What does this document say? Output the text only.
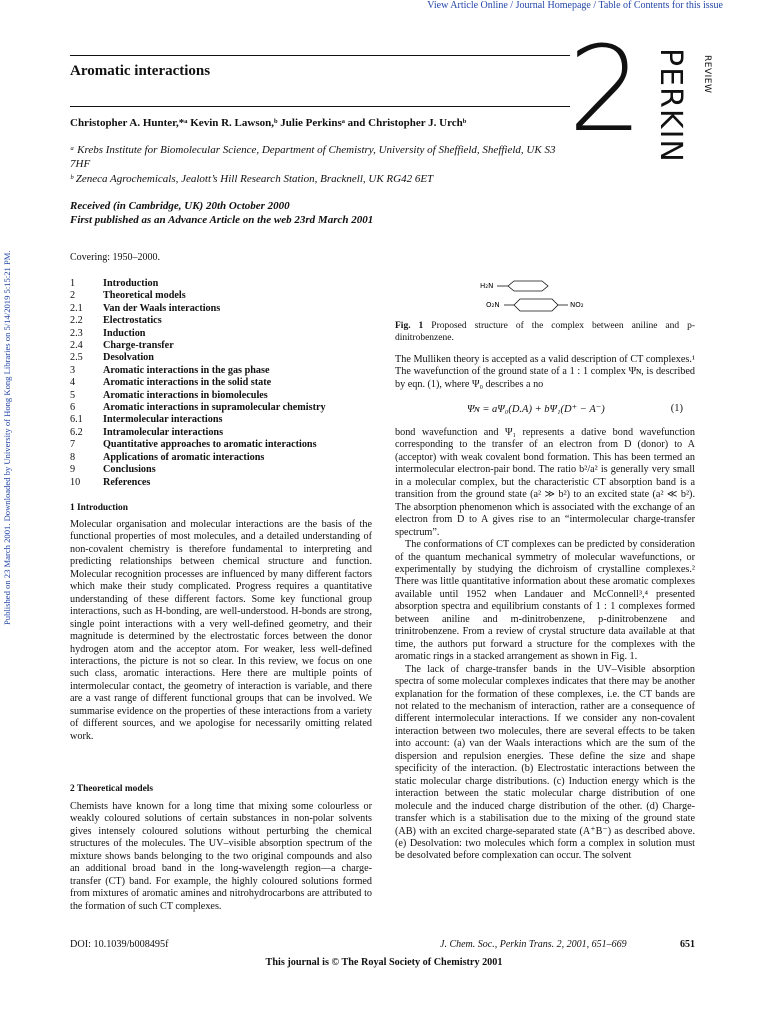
View Article Online / Journal Homepage / Table of Contents for this issue
Published on 23 March 2001. Downloaded by University of Hong Kong Libraries on 5/14/2019 5:15:21 PM.
Aromatic interactions	2 PERKIN REVIEW
Christopher A. Hunter,*ᵃ Kevin R. Lawson,ᵇ Julie Perkinsᵃ and Christopher J. Urchᵇ
ᵃ Krebs Institute for Biomolecular Science, Department of Chemistry, University of Sheffield, Sheffield, UK S3 7HF
ᵇ Zeneca Agrochemicals, Jealott’s Hill Research Station, Bracknell, UK RG42 6ET
Received (in Cambridge, UK) 20th October 2000
First published as an Advance Article on the web 23rd March 2001
Covering: 1950–2000.
1	Introduction
2	Theoretical models
2.1	Van der Waals interactions
2.2	Electrostatics
2.3	Induction
2.4	Charge-transfer
2.5	Desolvation
3	Aromatic interactions in the gas phase
4	Aromatic interactions in the solid state
5	Aromatic interactions in biomolecules
6	Aromatic interactions in supramolecular chemistry
6.1	Intermolecular interactions
6.2	Intramolecular interactions
7	Quantitative approaches to aromatic interactions
8	Applications of aromatic interactions
9	Conclusions
10	References
1 Introduction
Molecular organisation and molecular interactions are the basis of the functional properties of most molecules, and a detailed understanding of non-covalent chemistry is therefore fundamental to interpreting and predicting relationships between chemical structure and function. Molecular recognition processes are influenced by many different factors which make their study complicated. Progress requires a quantitative understanding of these different factors. Some key functional group interactions, such as H-bonding, are well-understood. H-bonds are strong, single point interactions with a very well-defined geometry, and their magnitude is determined by the electrostatic forces between the donor hydrogen atom and the acceptor atom. For weaker, less well-defined interactions, the picture is not so clear. In this review, we focus on one such class, aromatic interactions. Here there are multiple points of intermolecular contact, the geometry of interaction is variable, and there are a vast range of different functional groups that can be involved. We summarise evidence on the properties of these interactions from a variety of different sources, and we apologise for necessarily omitting related work.
2 Theoretical models
Chemists have known for a long time that mixing some colourless or weakly coloured solutions of certain substances in non-polar solvents gives intensely coloured solutions without perturbing the chemical structures of the molecules. The UV–visible absorption spectrum of the mixture shows bands belonging to the two original compounds and also an additional broad band in the long-wavelength region—a charge-transfer (CT) band. For example, the highly coloured solutions formed from mixtures of aromatic amines and nitrohydrocarbons are attributed to the formation of such CT complexes.
H₂N
O₂N	NO₂
Fig. 1 Proposed structure of the complex between aniline and p-dinitrobenzene.
The Mulliken theory is accepted as a valid description of CT complexes.¹ The wavefunction of the ground state of a 1 : 1 complex Ψɴ, is described by eqn. (1), where Ψ₀ describes a no
Ψɴ = aΨ₀(D.A) + bΨ₁(D⁺ − A⁻)	(1)
bond wavefunction and Ψ₁ represents a dative bond wavefunction corresponding to the transfer of an electron from D (donor) to A (acceptor) with weak covalent bond formation. This has been termed an intermolecular electron-pair bond. The ratio b²/a² is generally very small in a molecular complex, but the characteristic CT absorption band is a transition from the ground state (a² ≫ b²) to an excited state (a² ≪ b²). The absorption phenomenon which is associated with the exchange of an electron from D to A gives rise to an “intermolecular charge-transfer spectrum”.
The conformations of CT complexes can be predicted by consideration of the quantum mechanical symmetry of molecular wavefunctions, or experimentally by studying the dichroism of crystalline complexes.² There was little quantitative information about these aromatic complexes available until 1952 when Landauer and McConnell³,⁴ presented absorption spectra and equilibrium constants of 1 : 1 complexes formed between aniline and m-dinitrobenzene, p-dinitrobenzene and trinitrobenzene. From a review of crystal structure data available at that time, the authors put forward a structure for the complexes with the aromatic rings in a stacked arrangement as shown in Fig. 1.
The lack of charge-transfer bands in the UV–Visible absorption spectra of some molecular complexes indicates that there may be another explanation for the formation of these complexes, i.e. the CT bands are not related to the mechanism of interaction, rather are a consequence of different intermolecular interactions. If we consider any non-covalent interaction between two molecules, there are several effects to be taken into account: (a) van der Waals interactions which are the sum of the dispersion and repulsion energies. These define the size and shape specificity of the interaction. (b) Electrostatic interactions between the static molecular charge distributions. (c) Induction energy which is the interaction between the static molecular charge distribution of one molecule and the induced charge distribution of the other. (d) Charge-transfer which is a stabilisation due to the mixing of the ground state (AB) with an excited charge-separated state (A⁺B⁻) as described above. (e) Desolvation: two molecules which form a complex in solution must be desolvated before complexation can occur. The solvent
DOI: 10.1039/b008495f	J. Chem. Soc., Perkin Trans. 2, 2001, 651–669	651
This journal is © The Royal Society of Chemistry 2001
